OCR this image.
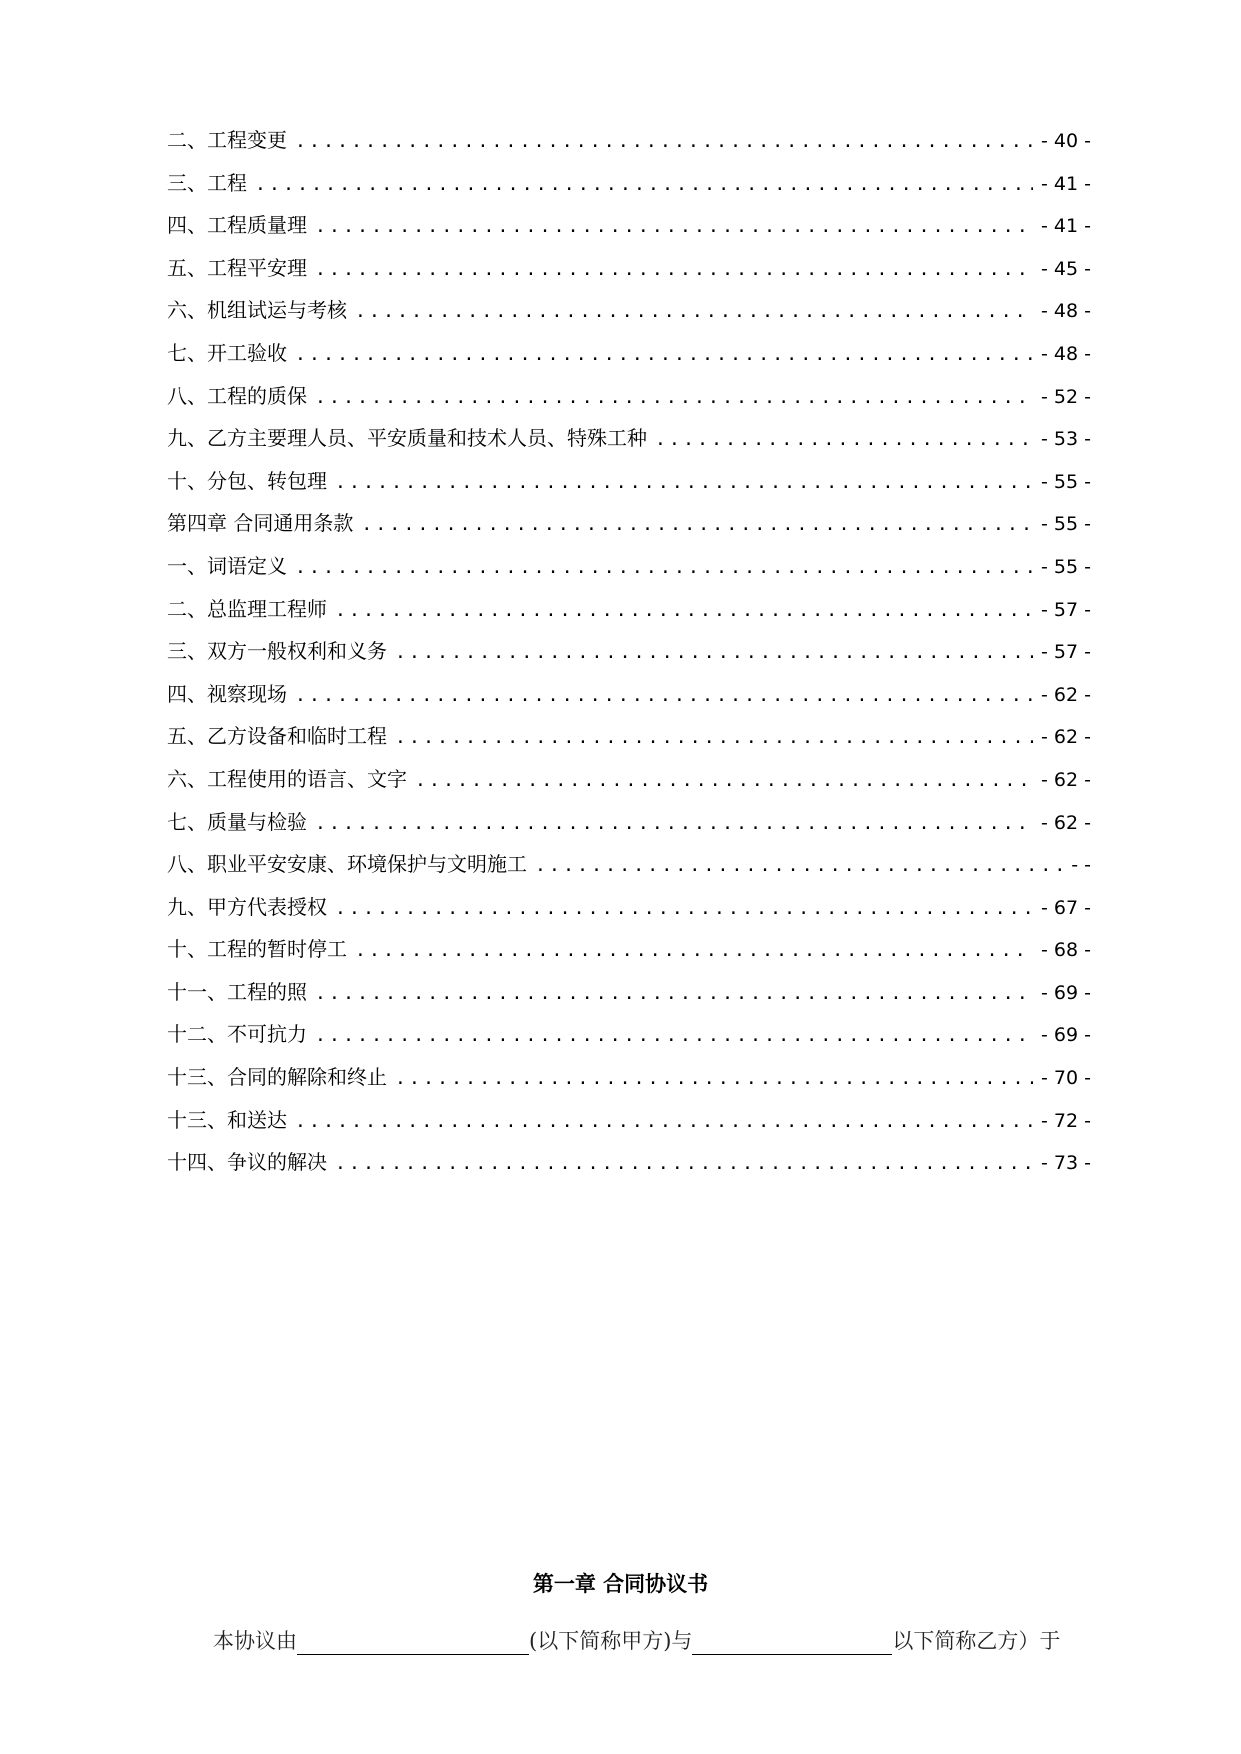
二、工程变更 .....	- 40 -
三、工程 .....	- 41 -
四、工程质量理 .....	- 41 -
五、工程平安理 .....	- 45 -
六、机组试运与考核 .....	- 48 -
七、开工验收 .....	- 48 -
八、工程的质保 .....	- 52 -
九、乙方主要理人员、平安质量和技术人员、特殊工种 .....	- 53 -
十、分包、转包理 .....	- 55 -
第四章 合同通用条款 .....	- 55 -
一、词语定义 .....	- 55 -
二、总监理工程师 .....	- 57 -
三、双方一般权利和义务 .....	- 57 -
四、视察现场 .....	- 62 -
五、乙方设备和临时工程 .....	- 62 -
六、工程使用的语言、文字 .....	- 62 -
七、质量与检验 .....	- 62 -
八、职业平安安康、环境保护与文明施工 .....	- -
九、甲方代表授权 .....	- 67 -
十、工程的暂时停工 .....	- 68 -
十一、工程的照 .....	- 69 -
十二、不可抗力 .....	- 69 -
十三、合同的解除和终止 .....	- 70 -
十三、和送达 .....	- 72 -
十四、争议的解决 .....	- 73 -
第一章 合同协议书
本协议由	(以下简称甲方)与	以下简称乙方）于
